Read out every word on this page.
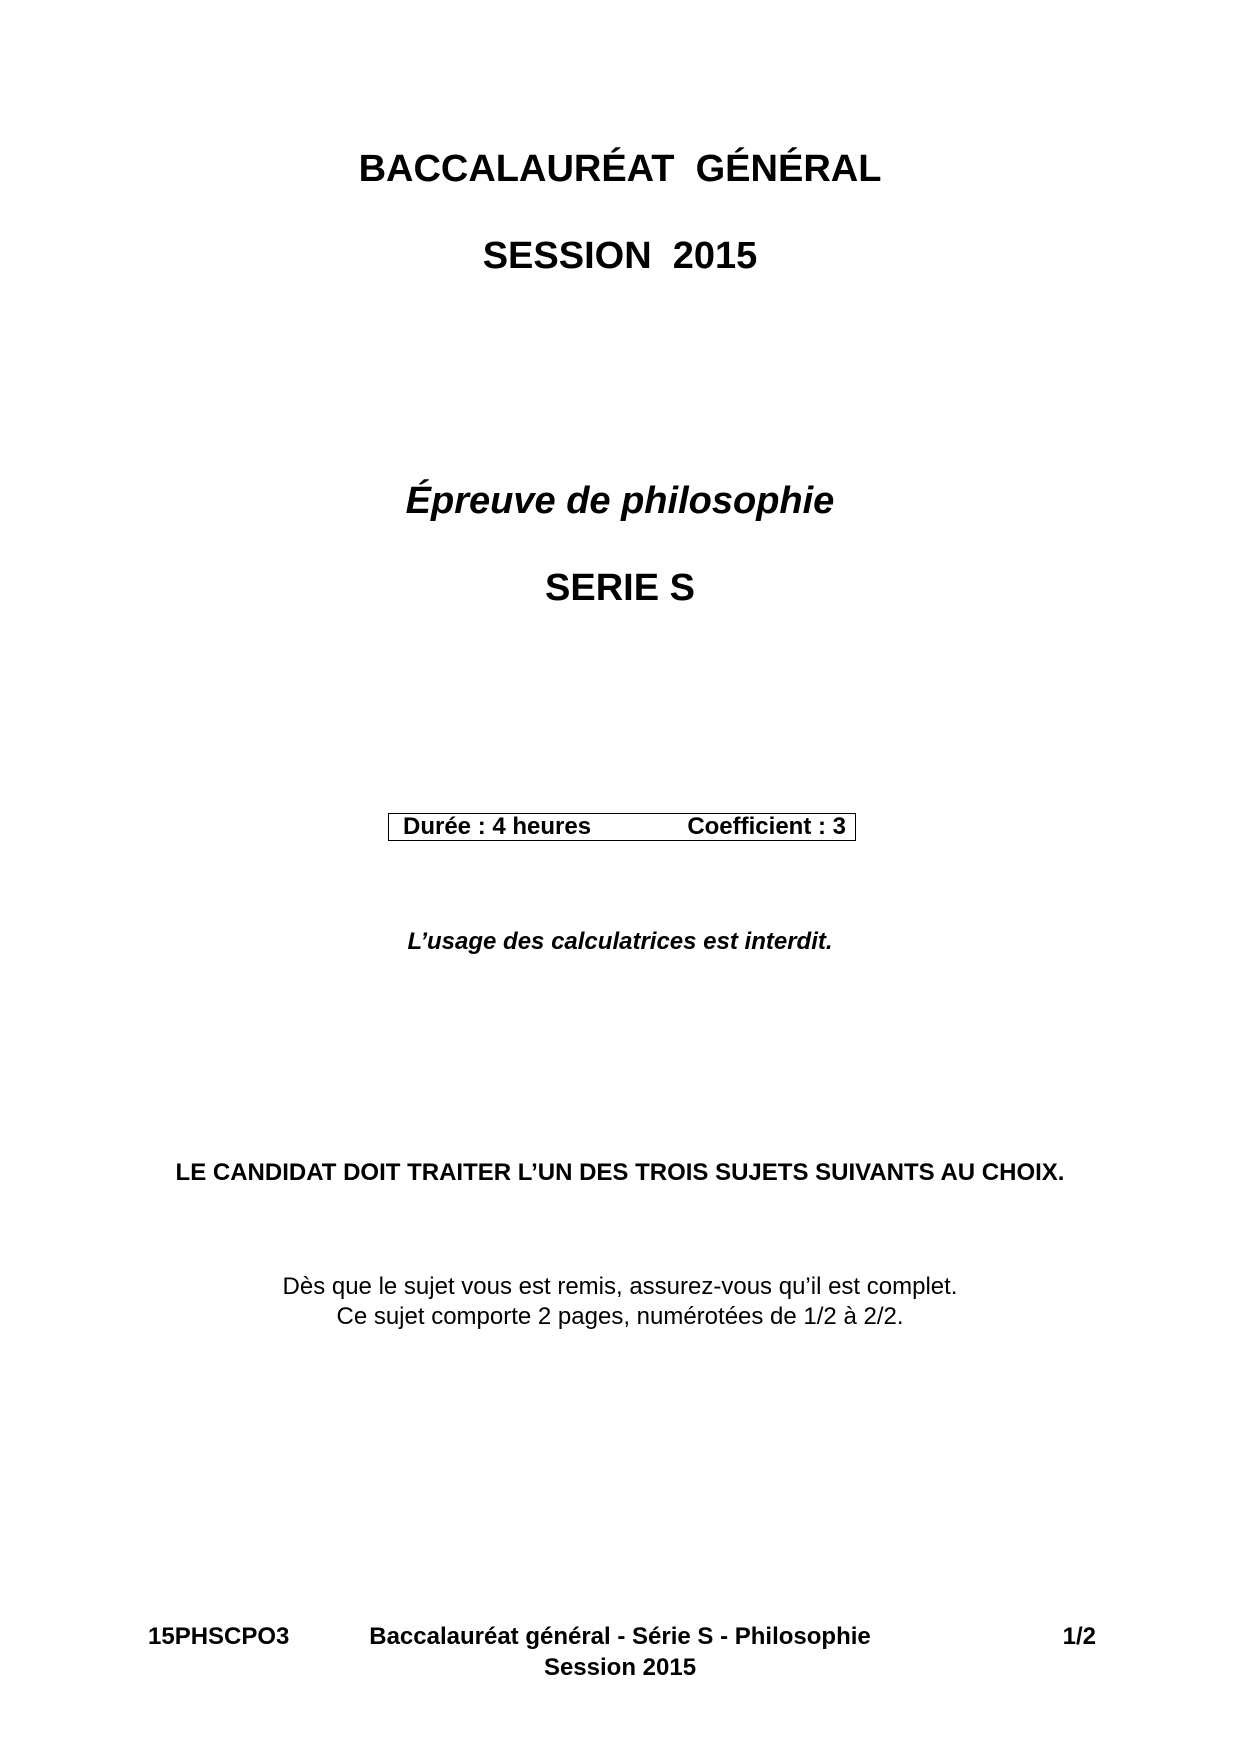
BACCALAURÉAT  GÉNÉRAL
SESSION  2015
Épreuve de philosophie
SERIE S
Durée : 4 heures	Coefficient : 3
L’usage des calculatrices est interdit.
LE CANDIDAT DOIT TRAITER L’UN DES TROIS SUJETS SUIVANTS AU CHOIX.
Dès que le sujet vous est remis, assurez-vous qu’il est complet.
Ce sujet comporte 2 pages, numérotées de 1/2 à 2/2.
15PHSCPO3	Baccalauréat général - Série S - Philosophie
Session 2015
1/2
